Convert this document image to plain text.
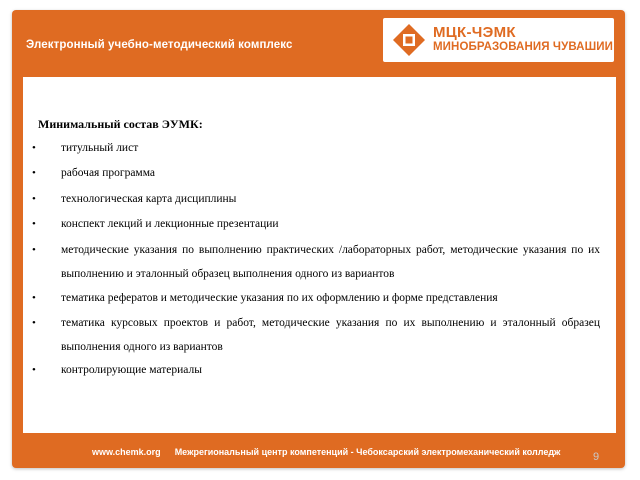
Электронный учебно-методический комплекс
МЦК-ЧЭМК
МИНОБРАЗОВАНИЯ ЧУВАШИИ
Минимальный состав ЭУМК:
• титульный лист
• рабочая программа
• технологическая карта дисциплины
• конспект лекций и лекционные презентации
• методические указания по выполнению практических /лабораторных работ, методические указания по их выполнению и эталонный образец выполнения одного из вариантов
• тематика рефератов и методические указания по их оформлению и форме представления
• тематика курсовых проектов и работ, методические указания по их выполнению и эталонный образец выполнения одного из вариантов
• контролирующие материалы
www.chemk.org Межрегиональный центр компетенций - Чебоксарский электромеханический колледж	9
